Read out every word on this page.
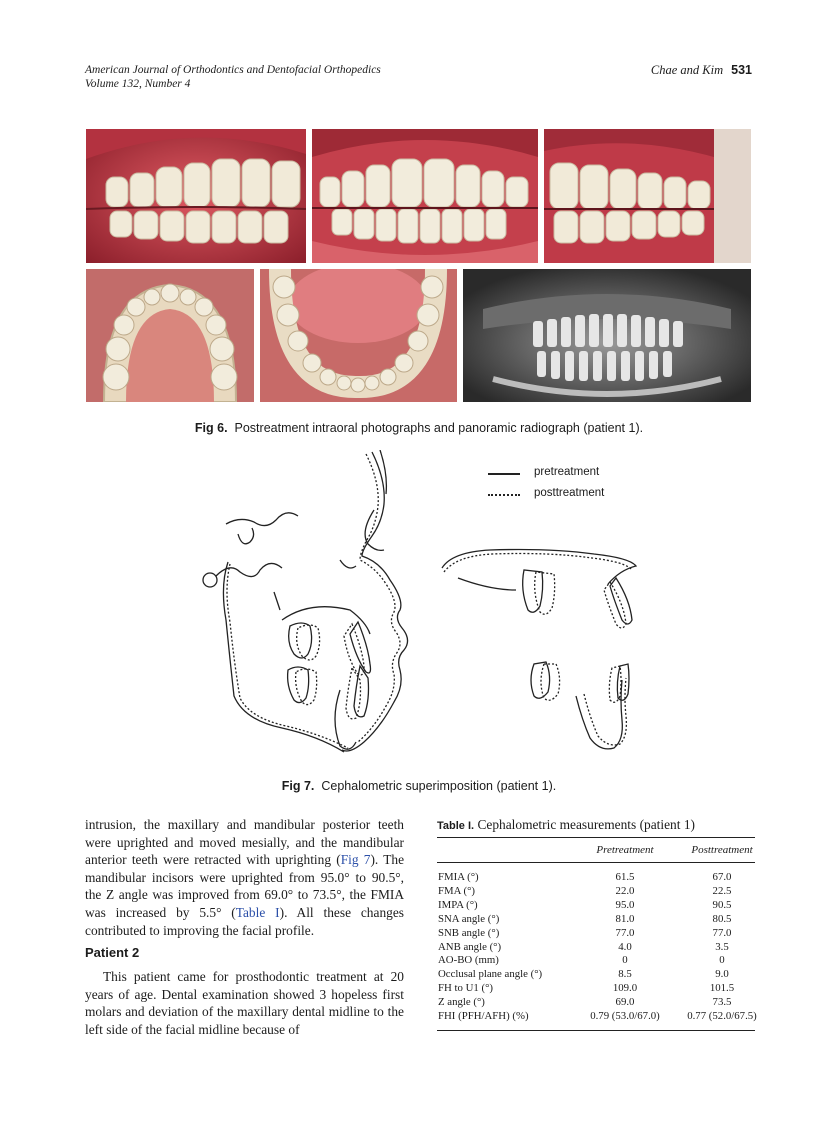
American Journal of Orthodontics and Dentofacial Orthopedics
Volume 132, Number 4
Chae and Kim 531
Fig 6. Postreatment intraoral photographs and panoramic radiograph (patient 1).
pretreatment
posttreatment
Fig 7. Cephalometric superimposition (patient 1).

intrusion, the maxillary and mandibular posterior teeth were uprighted and moved mesially, and the mandibular anterior teeth were retracted with uprighting (Fig 7). The mandibular incisors were uprighted from 95.0° to 90.5°, the Z angle was improved from 69.0° to 73.5°, the FMIA was increased by 5.5° (Table I). All these changes contributed to improving the facial profile.

Patient 2

This patient came for prosthodontic treatment at 20 years of age. Dental examination showed 3 hopeless first molars and deviation of the maxillary dental midline to the left side of the facial midline because of

Table I. Cephalometric measurements (patient 1)
Pretreatment	Posttreatment
FMIA (°)	61.5	67.0
FMA (°)	22.0	22.5
IMPA (°)	95.0	90.5
SNA angle (°)	81.0	80.5
SNB angle (°)	77.0	77.0
ANB angle (°)	4.0	3.5
AO-BO (mm)	0	0
Occlusal plane angle (°)	8.5	9.0
FH to U1 (°)	109.0	101.5
Z angle (°)	69.0	73.5
FHI (PFH/AFH) (%)	0.79 (53.0/67.0)	0.77 (52.0/67.5)
